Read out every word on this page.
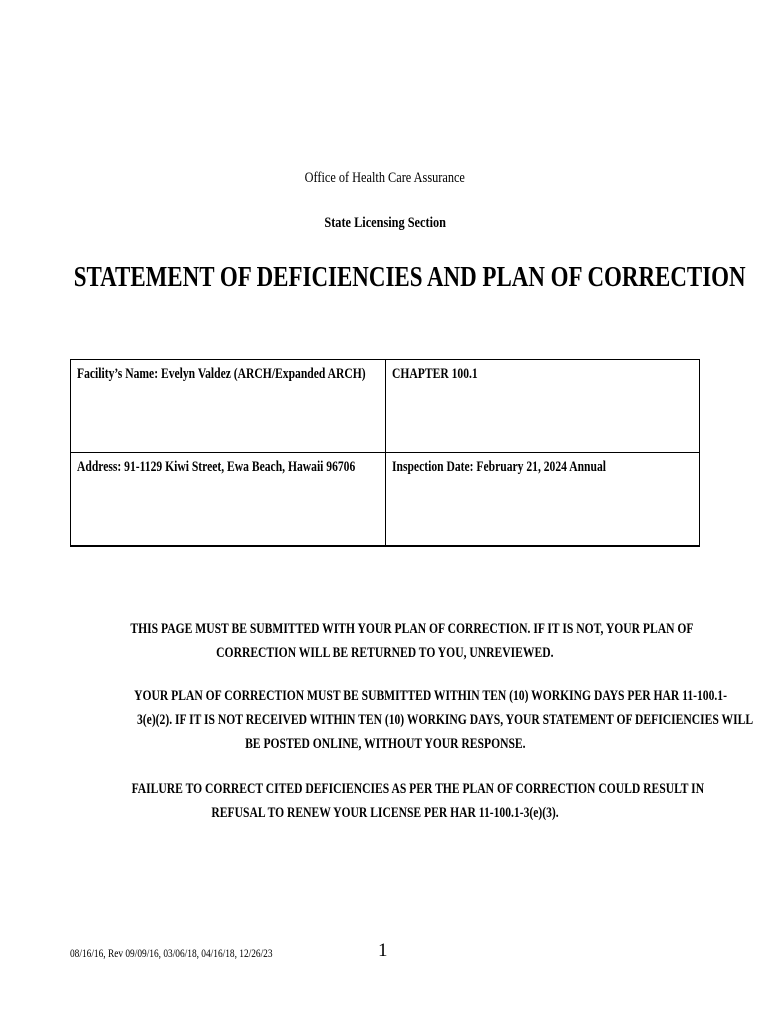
Office of Health Care Assurance
State Licensing Section
STATEMENT OF DEFICIENCIES AND PLAN OF CORRECTION
Facility’s Name: Evelyn Valdez (ARCH/Expanded ARCH)	CHAPTER 100.1

Address: 91-1129 Kiwi Street, Ewa Beach, Hawaii 96706	Inspection Date: February 21, 2024 Annual
THIS PAGE MUST BE SUBMITTED WITH YOUR PLAN OF CORRECTION. IF IT IS NOT, YOUR PLAN OF
CORRECTION WILL BE RETURNED TO YOU, UNREVIEWED.
YOUR PLAN OF CORRECTION MUST BE SUBMITTED WITHIN TEN (10) WORKING DAYS PER HAR 11-100.1-
3(e)(2). IF IT IS NOT RECEIVED WITHIN TEN (10) WORKING DAYS, YOUR STATEMENT OF DEFICIENCIES WILL
BE POSTED ONLINE, WITHOUT YOUR RESPONSE.
FAILURE TO CORRECT CITED DEFICIENCIES AS PER THE PLAN OF CORRECTION COULD RESULT IN
REFUSAL TO RENEW YOUR LICENSE PER HAR 11-100.1-3(e)(3).
08/16/16, Rev 09/09/16, 03/06/18, 04/16/18, 12/26/23	1
